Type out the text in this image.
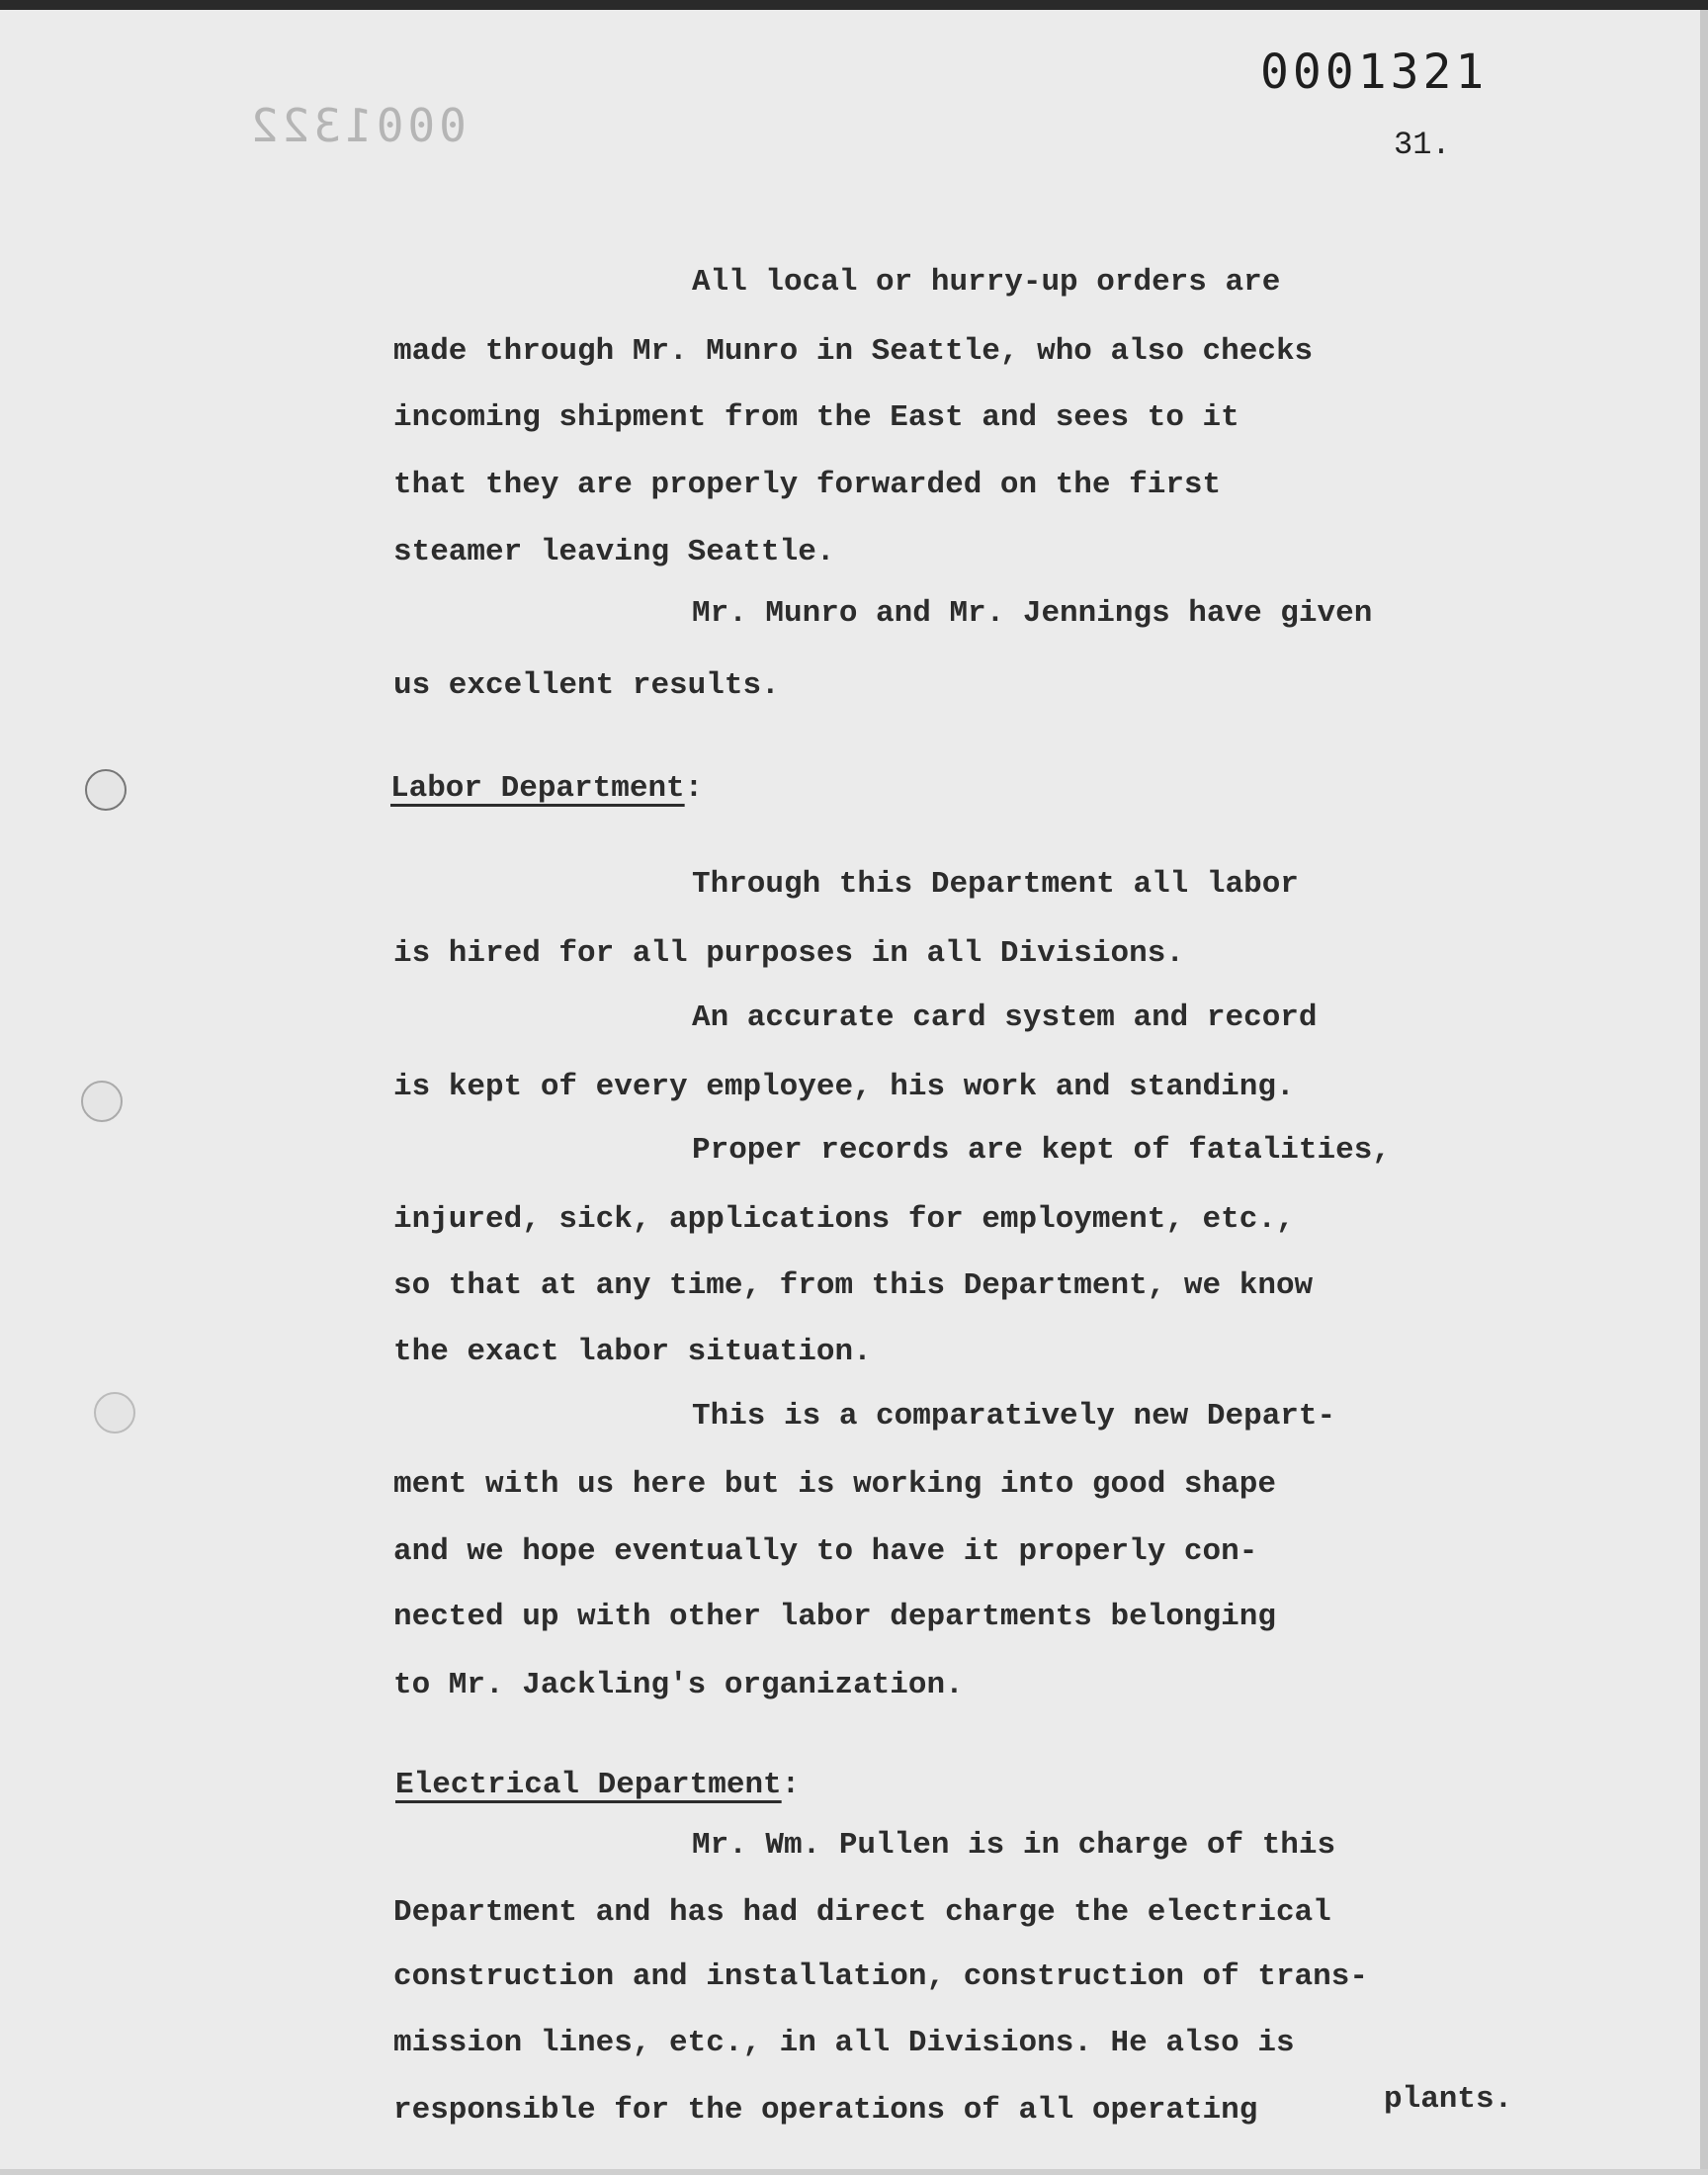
0001321
0001322	31.
All local or hurry-up orders are
made through Mr. Munro in Seattle, who also checks
incoming shipment from the East and sees to it
that they are properly forwarded on the first
steamer leaving Seattle.
Mr. Munro and Mr. Jennings have given
us excellent results.
Labor Department:
Through this Department all labor
is hired for all purposes in all Divisions.
An accurate card system and record
is kept of every employee, his work and standing.
Proper records are kept of fatalities,
injured, sick, applications for employment, etc.,
so that at any time, from this Department, we know
the exact labor situation.
This is a comparatively new Depart-
ment with us here but is working into good shape
and we hope eventually to have it properly con-
nected up with other labor departments belonging
to Mr. Jackling's organization.
Electrical Department:
Mr. Wm. Pullen is in charge of this
Department and has had direct charge the electrical
construction and installation, construction of trans-
mission lines, etc., in all Divisions. He also is
responsible for the operations of all operating	plants.
